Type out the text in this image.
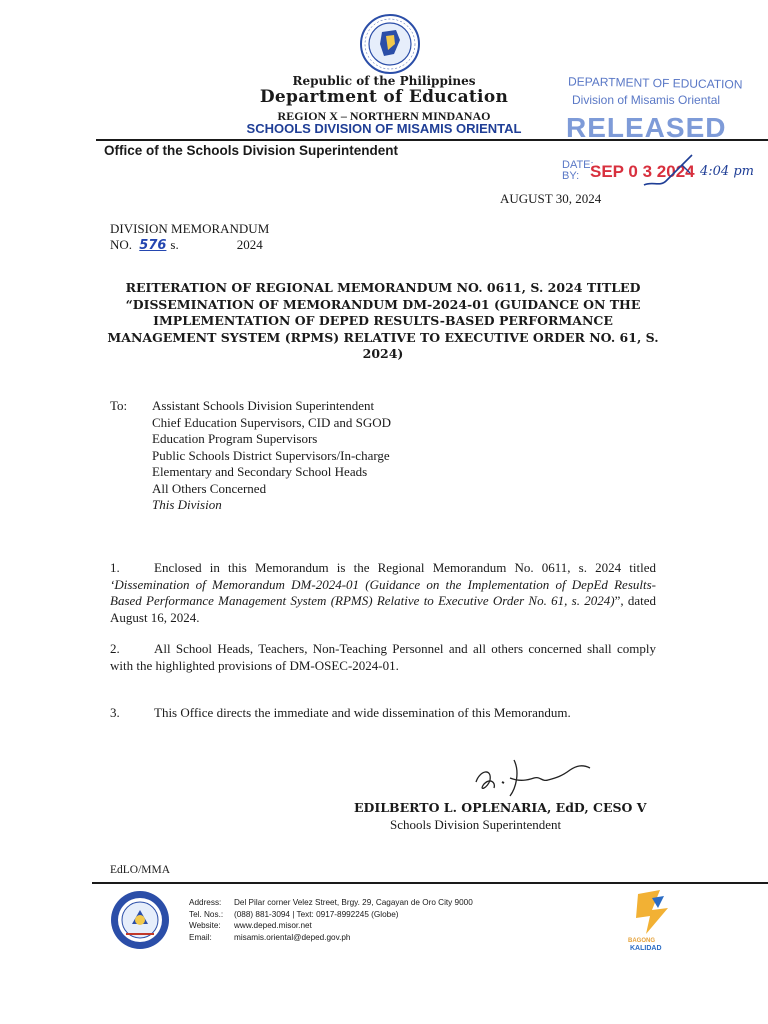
Republic of the Philippines
Department of Education
REGION X – NORTHERN MINDANAO
SCHOOLS DIVISION OF MISAMIS ORIENTAL
Office of the Schools Division Superintendent
DEPARTMENT OF EDUCATION
Division of Misamis Oriental
RELEASED
DATE: BY: SEP 0 3 2024 4:04 pm
AUGUST 30, 2024
DIVISION MEMORANDUM
NO. 576 s.	2024
REITERATION OF REGIONAL MEMORANDUM NO. 0611, S. 2024 TITLED “DISSEMINATION OF MEMORANDUM DM-2024-01 (GUIDANCE ON THE IMPLEMENTATION OF DEPED RESULTS-BASED PERFORMANCE MANAGEMENT SYSTEM (RPMS) RELATIVE TO EXECUTIVE ORDER NO. 61, S. 2024)
To: Assistant Schools Division Superintendent
Chief Education Supervisors, CID and SGOD
Education Program Supervisors
Public Schools District Supervisors/In-charge
Elementary and Secondary School Heads
All Others Concerned
This Division
1.	Enclosed in this Memorandum is the Regional Memorandum No. 0611, s. 2024 titled ‘Dissemination of Memorandum DM-2024-01 (Guidance on the Implementation of DepEd Results-Based Performance Management System (RPMS) Relative to Executive Order No. 61, s. 2024)”, dated August 16, 2024.
2.	All School Heads, Teachers, Non-Teaching Personnel and all others concerned shall comply with the highlighted provisions of DM-OSEC-2024-01.
3.	This Office directs the immediate and wide dissemination of this Memorandum.
EDILBERTO L. OPLENARIA, EdD, CESO V
Schools Division Superintendent
EdLO/MMA
Address: Del Pilar corner Velez Street, Brgy. 29, Cagayan de Oro City 9000
Tel. Nos.: (088) 881-3094 | Text: 0917-8992245 (Globe)
Website: www.deped.misor.net
Email:	misamis.oriental@deped.gov.ph	BAGONG
KALIDAD
